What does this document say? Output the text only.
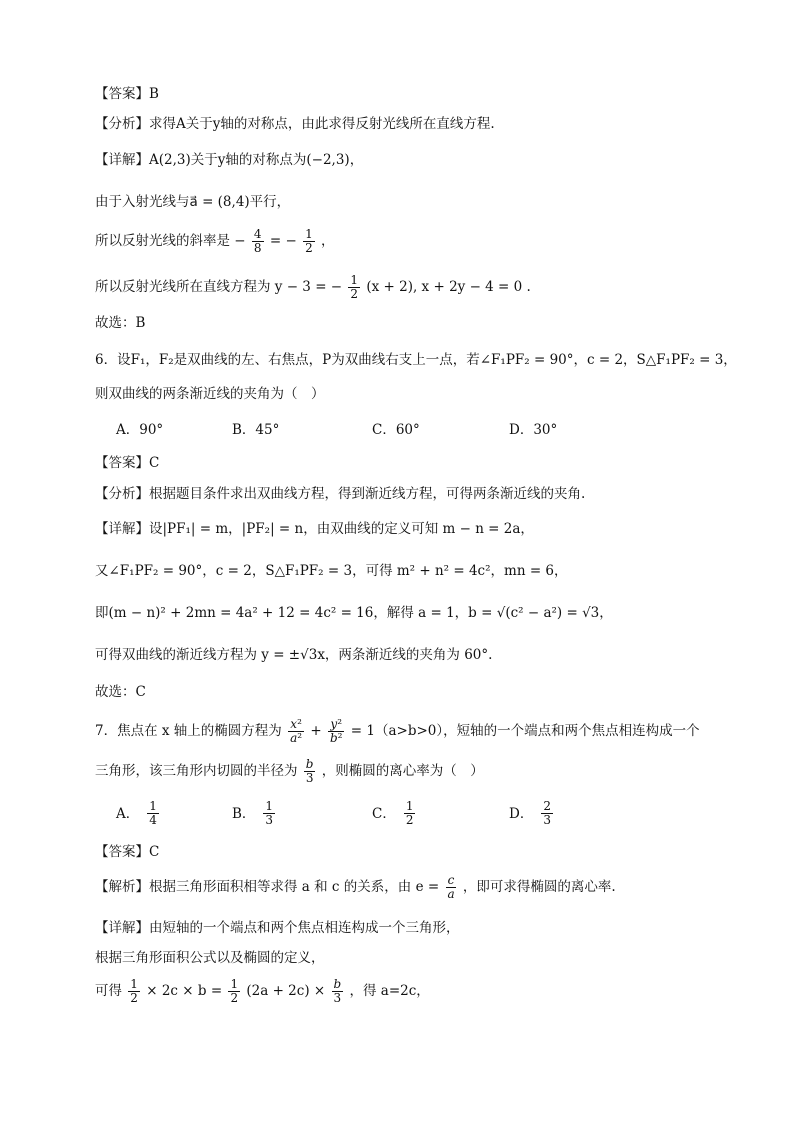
【答案】B
【分析】求得A关于y轴的对称点，由此求得反射光线所在直线方程.
【详解】A(2,3)关于y轴的对称点为(−2,3)，
由于入射光线与a⃗ = (8,4)平行，
所以反射光线的斜率是 − $\frac{4}{8}$ = − $\frac{1}{2}$ ，
所以反射光线所在直线方程为 y − 3 = − $\frac{1}{2} (x + 2)$, x + 2y − 4 = 0 .
故选：B
6．设F₁，F₂是双曲线的左、右焦点，P为双曲线右支上一点，若∠F₁PF₂ = 90°，c = 2，S△F₁PF₂ = 3，
则双曲线的两条渐近线的夹角为（　）
A．90°	B．45°	C．60°	D．30°
【答案】C
【分析】根据题目条件求出双曲线方程，得到渐近线方程，可得两条渐近线的夹角.
【详解】设|PF₁| = m，|PF₂| = n，由双曲线的定义可知 m − n = 2a，
又∠F₁PF₂ = 90°，c = 2，S△F₁PF₂ = 3，可得 m² + n² = 4c²，mn = 6，
即(m − n)² + 2mn = 4a² + 12 = 4c² = 16，解得 a = 1，b = √(c² − a²) = √3，
可得双曲线的渐近线方程为 y = ±√3x，两条渐近线的夹角为 60°.
故选：C
7．焦点在 x 轴上的椭圆方程为 $\frac{\text{x²}}{\text{a²}} + \frac{\text{y²}}{\text{b²}} = 1(a>b>0)$，短轴的一个端点和两个焦点相连构成一个
三角形，该三角形内切圆的半径为 $\frac{b}{3}$ ，则椭圆的离心率为（　）
A． $\frac{1}{4}$	B． $\frac{1}{3}$	C． $\frac{1}{2}$	D． $\frac{2}{3}$
【答案】C
【解析】根据三角形面积相等求得 a 和 c 的关系，由 $e = \frac{c}{a}$ ，即可求得椭圆的离心率.
【详解】由短轴的一个端点和两个焦点相连构成一个三角形，
根据三角形面积公式以及椭圆的定义，
可得 $\frac{1}{2} \times 2c \times b = \frac{1}{2} (2a + 2c) \times \frac{b}{3}$ ，得 a=2c，
